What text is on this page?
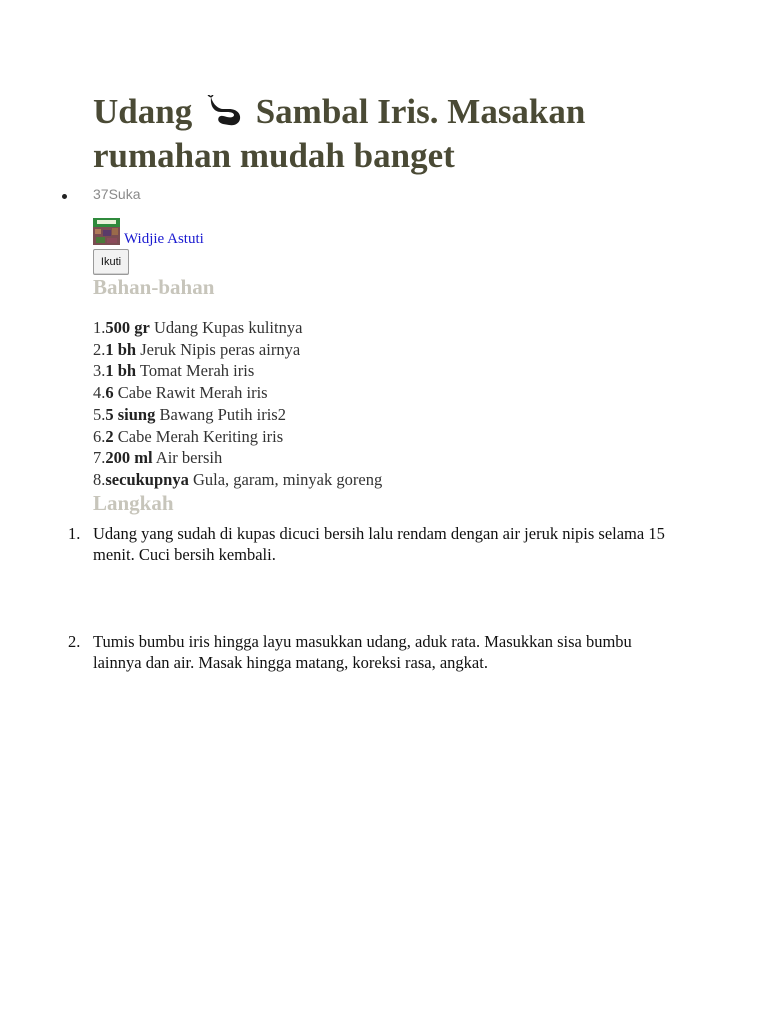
Udang  Sambal Iris. Masakan rumahan mudah banget
37Suka
Widjie Astuti
Ikuti
Bahan-bahan
1.500 gr Udang Kupas kulitnya
2.1 bh Jeruk Nipis peras airnya
3.1 bh Tomat Merah iris
4.6 Cabe Rawit Merah iris
5.5 siung Bawang Putih iris2
6.2 Cabe Merah Keriting iris
7.200 ml Air bersih
8.secukupnya Gula, garam, minyak goreng
Langkah
1. Udang yang sudah di kupas dicuci bersih lalu rendam dengan air jeruk nipis selama 15 menit. Cuci bersih kembali.
2. Tumis bumbu iris hingga layu masukkan udang, aduk rata. Masukkan sisa bumbu lainnya dan air. Masak hingga matang, koreksi rasa, angkat.
